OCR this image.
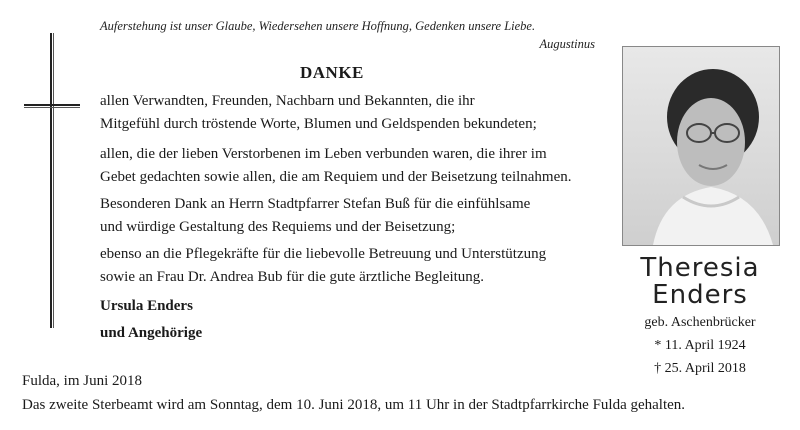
Auferstehung ist unser Glaube, Wiedersehen unsere Hoffnung, Gedenken unsere Liebe.
Augustinus
DANKE
allen Verwandten, Freunden, Nachbarn und Bekannten, die ihr
Mitgefühl durch tröstende Worte, Blumen und Geldspenden bekundeten;
allen, die der lieben Verstorbenen im Leben verbunden waren, die ihrer im
Gebet gedachten sowie allen, die am Requiem und der Beisetzung teilnahmen.
Besonderen Dank an Herrn Stadtpfarrer Stefan Buß für die einfühlsame
und würdige Gestaltung des Requiems und der Beisetzung;
ebenso an die Pflegekräfte für die liebevolle Betreuung und Unterstützung
sowie an Frau Dr. Andrea Bub für die gute ärztliche Begleitung.
Ursula Enders
und Angehörige
Theresia
Enders
geb. Aschenbrücker
* 11. April 1924
† 25. April 2018
Fulda, im Juni 2018
Das zweite Sterbeamt wird am Sonntag, dem 10. Juni 2018, um 11 Uhr in der Stadtpfarrkirche Fulda gehalten.
